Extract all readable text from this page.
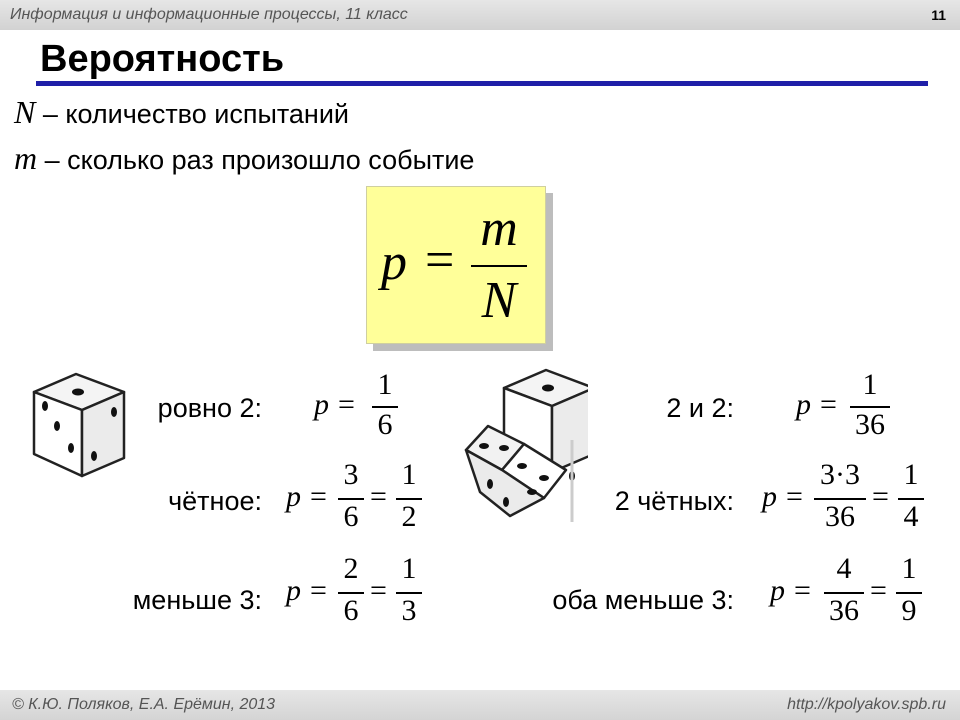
Информация и информационные процессы, 11 класс	11
Вероятность
N – количество испытаний
m – сколько раз произошло событие
p =
m
N
ровно 2: p =
1
6
чётное: p =
3
6
=
1
2
меньше 3: p =
2
6
=
1
3
2 и 2: p =
1
36
2 чётных: p =
3·3
36
=
1
4
оба меньше 3: p =
4
36
=
1
9
© К.Ю. Поляков, Е.А. Ерёмин, 2013	http://kpolyakov.spb.ru
